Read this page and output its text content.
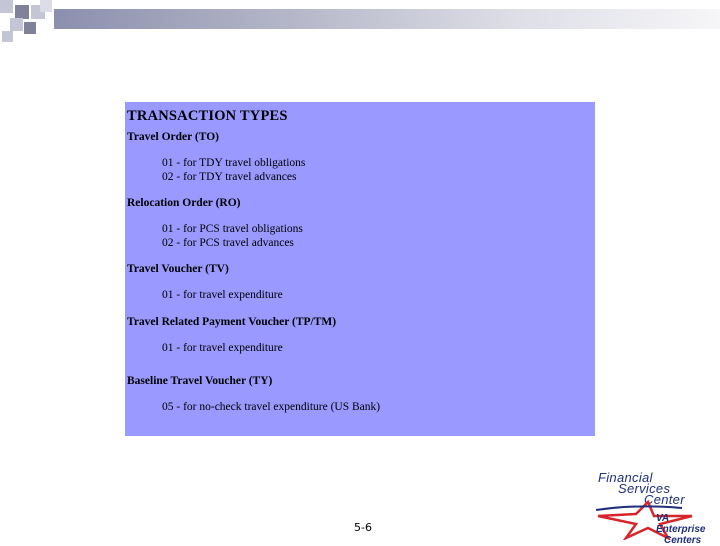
TRANSACTION TYPES
Travel Order (TO)
01 - for TDY travel obligations
02 - for TDY travel advances
Relocation Order (RO)
01 - for PCS travel obligations
02 - for PCS travel advances
Travel Voucher (TV)
01 - for travel expenditure
Travel Related Payment Voucher (TP/TM)
01 - for travel expenditure
Baseline Travel Voucher (TY)
05 - for no-check travel expenditure (US Bank)
5-6
Financial
Services
Center
VA Enterprise
Centers
